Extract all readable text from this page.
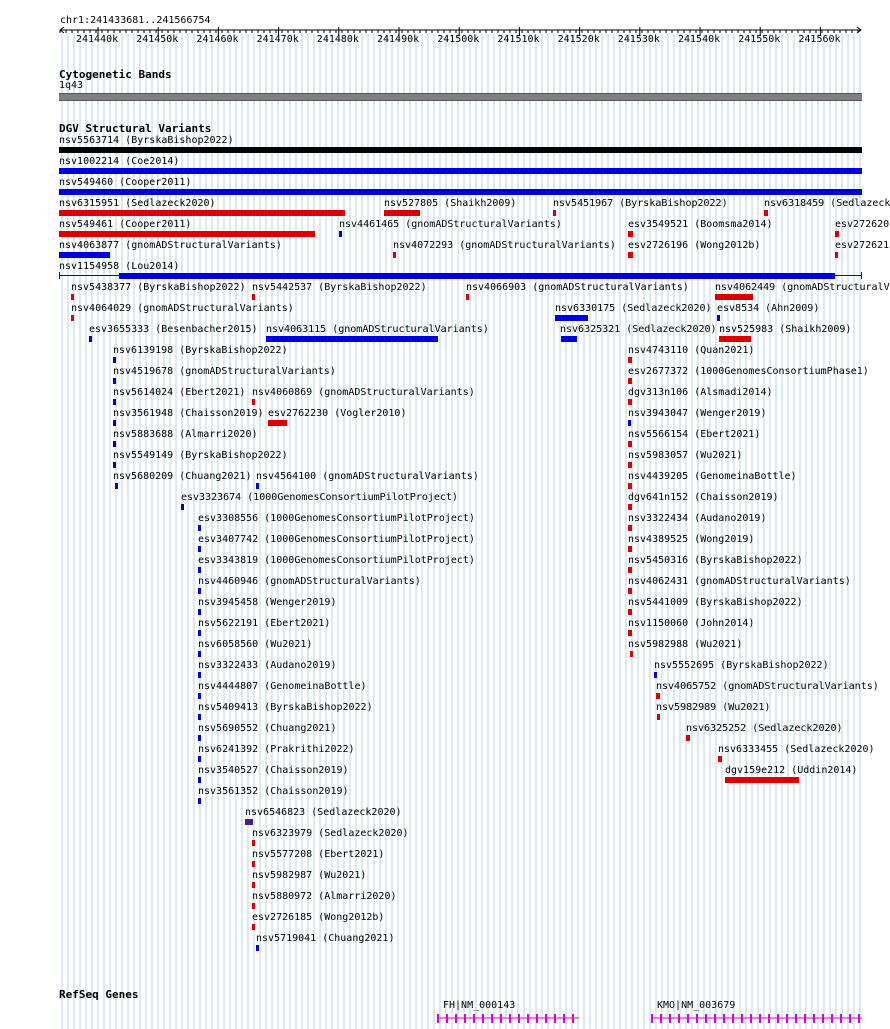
chr1:241433681..241566754
241440k 241450k 241460k 241470k 241480k 241490k 241500k 241510k 241520k 241530k 241540k 241550k 241560k
Cytogenetic Bands
1q43
DGV Structural Variants
nsv5563714 (ByrskaBishop2022)
nsv1002214 (Coe2014)
nsv549460 (Cooper2011)
nsv6315951 (Sedlazeck2020)	nsv527805 (Shaikh2009)	nsv5451967 (ByrskaBishop2022)	nsv6318459 (Sedlazeck
nsv549461 (Cooper2011)	nsv4461465 (gnomADStructuralVariants)	esv3549521 (Boomsma2014)	esv272620
nsv4063877 (gnomADStructuralVariants)	nsv4072293 (gnomADStructuralVariants) esv2726196 (Wong2012b)	esv272621
nsv1154958 (Lou2014)
nsv5438377 (ByrskaBishop2022) nsv5442537 (ByrskaBishop2022)	nsv4066903 (gnomADStructuralVariants)	nsv4062449 (gnomADStructuralV
nsv4064029 (gnomADStructuralVariants)	nsv6330175 (Sedlazeck2020) esv8534 (Ahn2009)
esv3655333 (Besenbacher2015) nsv4063115 (gnomADStructuralVariants)	nsv6325321 (Sedlazeck2020) nsv525983 (Shaikh2009)
nsv6139198 (ByrskaBishop2022)	nsv4743110 (Quan2021)
nsv4519678 (gnomADStructuralVariants)	esv2677372 (1000GenomesConsortiumPhase1)
nsv5614024 (Ebert2021) nsv4060869 (gnomADStructuralVariants)	dgv313n106 (Alsmadi2014)
nsv3561948 (Chaisson2019) esv2762230 (Vogler2010)	nsv3943047 (Wenger2019)
nsv5883688 (Almarri2020)	nsv5566154 (Ebert2021)
nsv5549149 (ByrskaBishop2022)	nsv5983057 (Wu2021)
nsv5680209 (Chuang2021) nsv4564100 (gnomADStructuralVariants)	nsv4439205 (GenomeinaBottle)
esv3323674 (1000GenomesConsortiumPilotProject)	dgv641n152 (Chaisson2019)
esv3308556 (1000GenomesConsortiumPilotProject)	nsv3322434 (Audano2019)
esv3407742 (1000GenomesConsortiumPilotProject)	nsv4389525 (Wong2019)
esv3343819 (1000GenomesConsortiumPilotProject)	nsv5450316 (ByrskaBishop2022)
nsv4460946 (gnomADStructuralVariants)	nsv4062431 (gnomADStructuralVariants)
nsv3945458 (Wenger2019)	nsv5441009 (ByrskaBishop2022)
nsv5622191 (Ebert2021)	nsv1150060 (John2014)
nsv6058560 (Wu2021)	nsv5982988 (Wu2021)
nsv3322433 (Audano2019)	nsv5552695 (ByrskaBishop2022)
nsv4444807 (GenomeinaBottle)	nsv4065752 (gnomADStructuralVariants)
nsv5409413 (ByrskaBishop2022)	nsv5982989 (Wu2021)
nsv5690552 (Chuang2021)	nsv6325252 (Sedlazeck2020)
nsv6241392 (Prakrithi2022)	nsv6333455 (Sedlazeck2020)
nsv3540527 (Chaisson2019)	dgv159e212 (Uddin2014)
nsv3561352 (Chaisson2019)
nsv6546823 (Sedlazeck2020)
nsv6323979 (Sedlazeck2020)
nsv5577208 (Ebert2021)
nsv5982987 (Wu2021)
nsv5880972 (Almarri2020)
esv2726185 (Wong2012b)
nsv5719041 (Chuang2021)
RefSeq Genes
FH|NM_000143	KMO|NM_003679
